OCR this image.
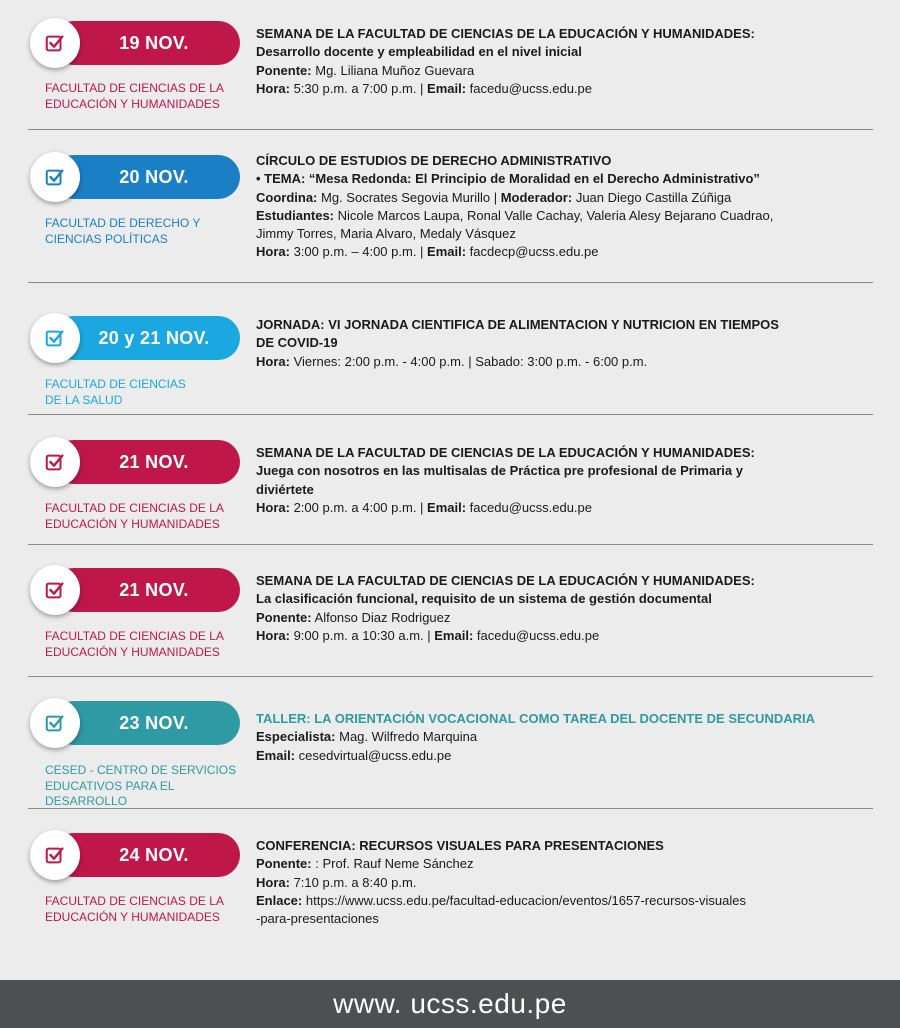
19 NOV.
FACULTAD DE CIENCIAS DE LA
EDUCACIÓN Y HUMANIDADES
SEMANA DE LA FACULTAD DE CIENCIAS DE LA EDUCACIÓN Y HUMANIDADES:
Desarrollo docente y empleabilidad en el nivel inicial
Ponente: Mg. Liliana Muñoz Guevara
Hora: 5:30 p.m. a 7:00 p.m. | Email: facedu@ucss.edu.pe
20 NOV.
FACULTAD DE DERECHO Y
CIENCIAS POLÍTICAS
CÍRCULO DE ESTUDIOS DE DERECHO ADMINISTRATIVO
• TEMA: “Mesa Redonda: El Principio de Moralidad en el Derecho Administrativo”
Coordina: Mg. Socrates Segovia Murillo | Moderador: Juan Diego Castilla Zúñiga
Estudiantes: Nicole Marcos Laupa, Ronal Valle Cachay, Valeria Alesy Bejarano Cuadrao,
Jimmy Torres, Maria Alvaro, Medaly Vásquez
Hora: 3:00 p.m. – 4:00 p.m. | Email: facdecp@ucss.edu.pe
20 y 21 NOV.
FACULTAD DE CIENCIAS
DE LA SALUD
JORNADA: VI JORNADA CIENTIFICA DE ALIMENTACION Y NUTRICION EN TIEMPOS
DE COVID-19
Hora: Viernes: 2:00 p.m. - 4:00 p.m. | Sabado: 3:00 p.m. - 6:00 p.m.
21 NOV.
FACULTAD DE CIENCIAS DE LA
EDUCACIÓN Y HUMANIDADES
SEMANA DE LA FACULTAD DE CIENCIAS DE LA EDUCACIÓN Y HUMANIDADES:
Juega con nosotros en las multisalas de Práctica pre profesional de Primaria y
diviértete
Hora: 2:00 p.m. a 4:00 p.m. | Email: facedu@ucss.edu.pe
21 NOV.
FACULTAD DE CIENCIAS DE LA
EDUCACIÓN Y HUMANIDADES
SEMANA DE LA FACULTAD DE CIENCIAS DE LA EDUCACIÓN Y HUMANIDADES:
La clasificación funcional, requisito de un sistema de gestión documental
Ponente: Alfonso Diaz Rodriguez
Hora: 9:00 p.m. a 10:30 a.m. | Email: facedu@ucss.edu.pe
23 NOV.
CESED - CENTRO DE SERVICIOS
EDUCATIVOS PARA EL DESARROLLO
TALLER: LA ORIENTACIÓN VOCACIONAL COMO TAREA DEL DOCENTE DE SECUNDARIA
Especialista: Mag. Wilfredo Marquina
Email: cesedvirtual@ucss.edu.pe
24 NOV.
FACULTAD DE CIENCIAS DE LA
EDUCACIÓN Y HUMANIDADES
CONFERENCIA: RECURSOS VISUALES PARA PRESENTACIONES
Ponente: : Prof. Rauf Neme Sánchez
Hora: 7:10 p.m. a 8:40 p.m.
Enlace: https://www.ucss.edu.pe/facultad-educacion/eventos/1657-recursos-visuales
-para-presentaciones
www. ucss.edu.pe
